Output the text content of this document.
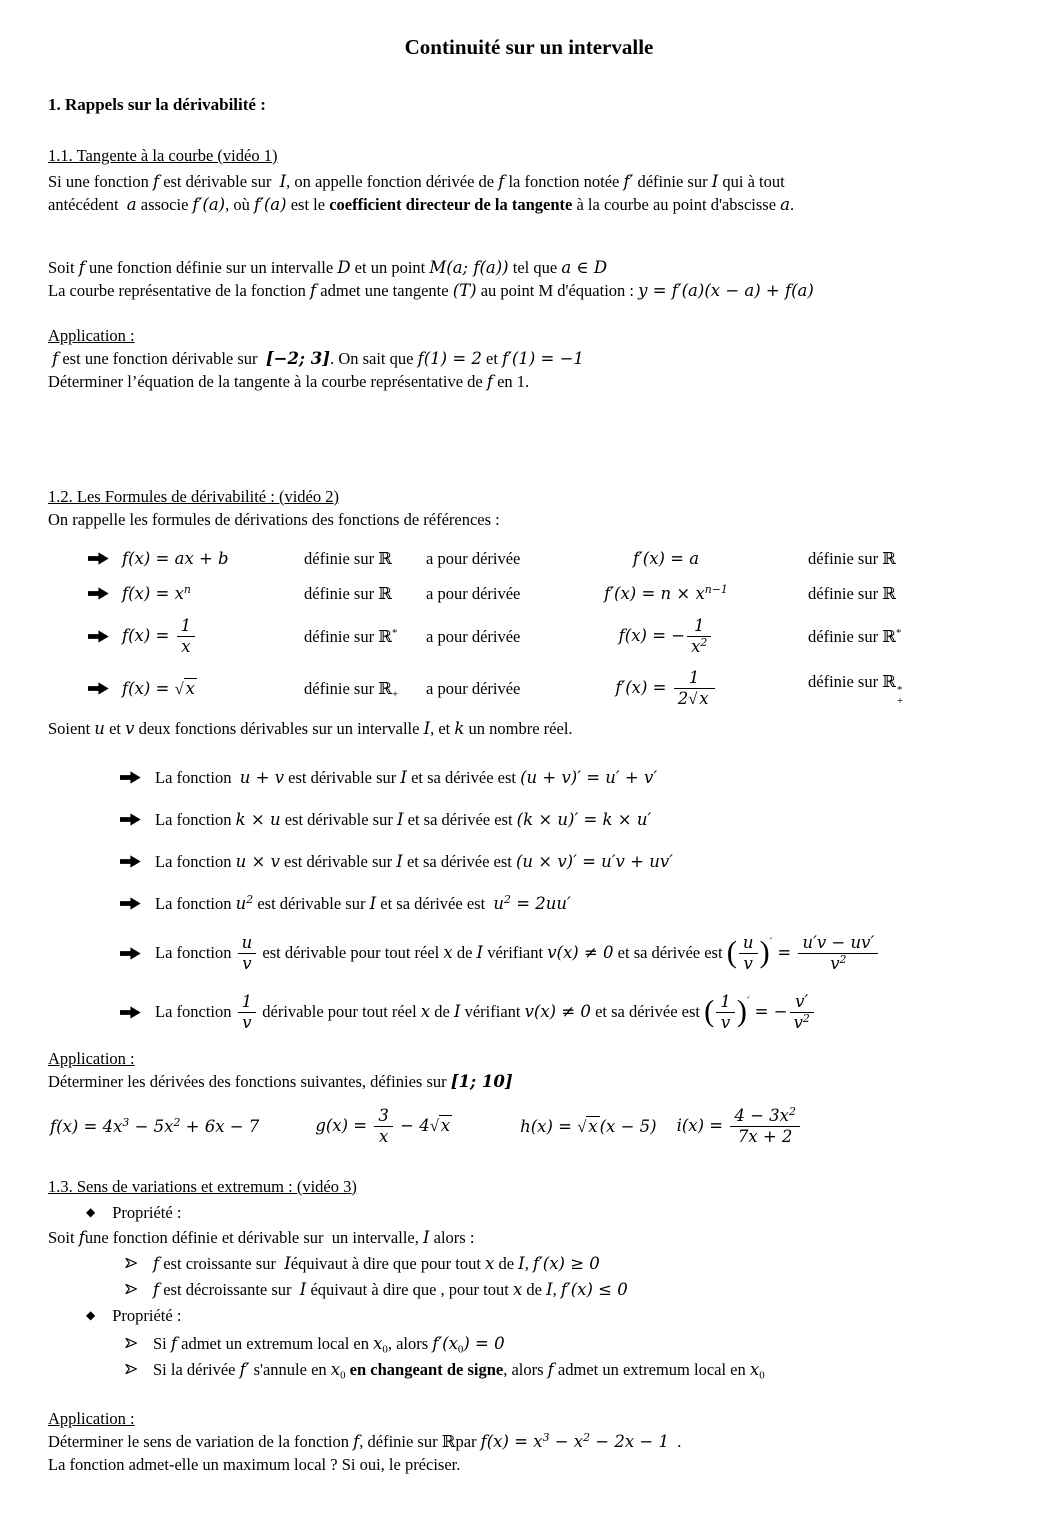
Continuité sur un intervalle
1. Rappels sur la dérivabilité :
1.1. Tangente à la courbe (vidéo 1)
Si une fonction f est dérivable sur  I, on appelle fonction dérivée de f la fonction notée f′ définie sur I qui à tout
antécédent  a associe f′(a), où f′(a) est le coefficient directeur de la tangente à la courbe au point d'abscisse a.
Soit f une fonction définie sur un intervalle D et un point M(a; f(a)) tel que a ∈ D
La courbe représentative de la fonction f admet une tangente (T) au point M d'équation : y = f′(a)(x − a) + f(a)
Application :
f est une fonction dérivable sur  [−2; 3]. On sait que f(1) = 2 et f′(1) = −1
Déterminer l’équation de la tangente à la courbe représentative de f en 1.
1.2. Les Formules de dérivabilité : (vidéo 2)
On rappelle les formules de dérivations des fonctions de références :
f(x) = ax + b	définie sur ℝ	a pour dérivée	f′(x) = a	définie sur ℝ
$f(x) = x^n$	définie sur ℝ	a pour dérivée	$f'(x) = n \times x^{n-1}$	définie sur ℝ
$f(x) = \frac{1}{x}$	définie sur ℝ*	a pour dérivée	f(x) = − $\frac{1}{x^2}$	définie sur ℝ*
f(x) = √ x	définie sur ℝ$_+$	a pour dérivée	$f'(x) = \frac{1}{2√ x}$	définie sur ℝ *
+
Soient u et v deux fonctions dérivables sur un intervalle I, et k un nombre réel.
La fonction  u + v est dérivable sur I et sa dérivée est (u + v)′ = u′ + v′
La fonction k × u est dérivable sur I et sa dérivée est (k × u)′ = k × u′
La fonction u × v est dérivable sur I et sa dérivée est (u × v)′ = u′v + uv′
La fonction $u^2$ est dérivable sur I et sa dérivée est  $u^2 = 2uu'$
La fonction $\frac{u}{v}$ est dérivable pour tout réel x de I vérifiant v(x) ≠ 0 et sa dérivée est ( $\frac{u}{v} )' = \frac{u'v - uv'}{v^2}$
La fonction $\frac{1}{v}$ dérivable pour tout réel x de I vérifiant v(x) ≠ 0 et sa dérivée est ( $\frac{1}{v} )'$ = − $\frac{v'}{v^2}$
Application :
Déterminer les dérivées des fonctions suivantes, définies sur [1; 10]
$f(x) = 4x^3 - 5x^2 + 6x - 7$	$g(x) = \frac{3}{x} - 4√$ x	h(x) = √ x (x − 5) $i(x) = \frac{4 - 3x^2}{7x + 2}$
1.3. Sens de variations et extremum : (vidéo 3)
◆ Propriété :
Soit fune fonction définie et dérivable sur  un intervalle, I alors :
f est croissante sur  Iéquivaut à dire que pour tout x de I, f′(x) ≥ 0
f est décroissante sur  I équivaut à dire que , pour tout x de I, f′(x) ≤ 0
◆ Propriété :
Si f admet un extremum local en $x_0$, alors $f'(x_0) = 0$
Si la dérivée f′ s'annule en $x_0$ en changeant de signe, alors f admet un extremum local en $x_0$
Application :
Déterminer le sens de variation de la fonction f, définie sur ℝpar $f(x) = x^3 - x^2 - 2x - 1$  .
La fonction admet-elle un maximum local ? Si oui, le préciser.
